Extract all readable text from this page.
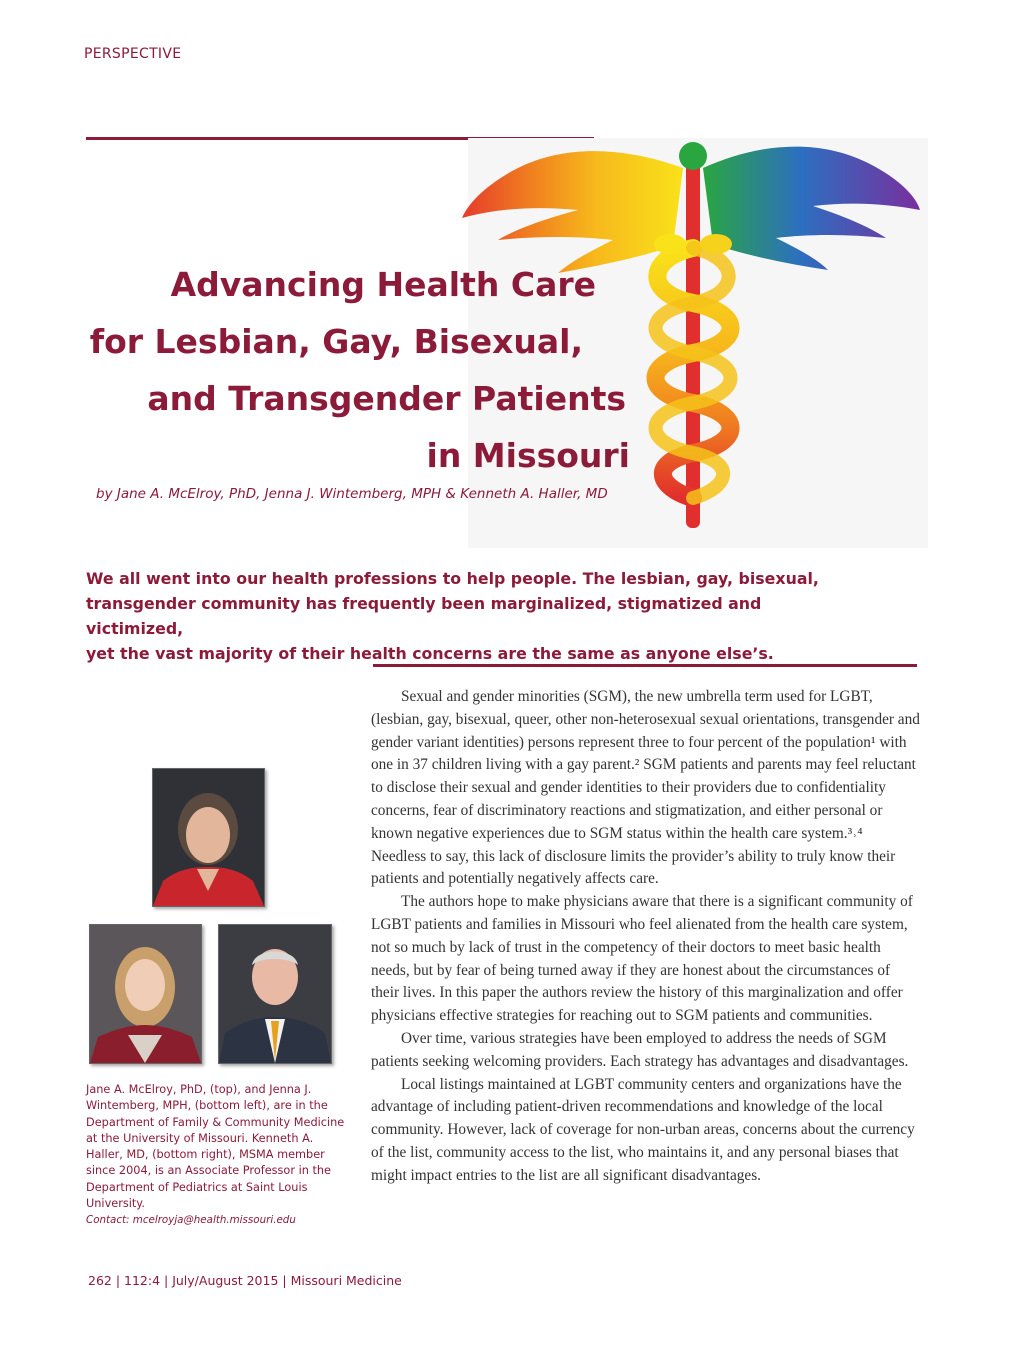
PERSPECTIVE
Advancing Health Care
for Lesbian, Gay, Bisexual,
and Transgender Patients
in Missouri
by Jane A. McElroy, PhD, Jenna J. Wintemberg, MPH & Kenneth A. Haller, MD
We all went into our health professions to help people. The lesbian, gay, bisexual,
transgender community has frequently been marginalized, stigmatized and victimized,
yet the vast majority of their health concerns are the same as anyone else’s.

Sexual and gender minorities (SGM), the new umbrella term used for LGBT, (lesbian, gay, bisexual, queer, other non-heterosexual sexual orientations, transgender and gender variant identities) persons represent three to four percent of the population¹ with one in 37 children living with a gay parent.² SGM patients and parents may feel reluctant to disclose their sexual and gender identities to their providers due to confidentiality concerns, fear of discriminatory reactions and stigmatization, and either personal or known negative experiences due to SGM status within the health care system.³˒⁴ Needless to say, this lack of disclosure limits the provider’s ability to truly know their patients and potentially negatively affects care.

The authors hope to make physicians aware that there is a significant community of LGBT patients and families in Missouri who feel alienated from the health care system, not so much by lack of trust in the competency of their doctors to meet basic health needs, but by fear of being turned away if they are honest about the circumstances of their lives. In this paper the authors review the history of this marginalization and offer physicians effective strategies for reaching out to SGM patients and communities.

Over time, various strategies have been employed to address the needs of SGM patients seeking welcoming providers. Each strategy has advantages and disadvantages.

Local listings maintained at LGBT community centers and organizations have the advantage of including patient-driven recommendations and knowledge of the local community. However, lack of coverage for non-urban areas, concerns about the currency of the list, community access to the list, who maintains it, and any personal biases that might impact entries to the list are all significant disadvantages.

Jane A. McElroy, PhD, (top), and Jenna J.
Wintemberg, MPH, (bottom left), are in the
Department of Family & Community Medicine
at the University of Missouri. Kenneth A.
Haller, MD, (bottom right), MSMA member
since 2004, is an Associate Professor in the
Department of Pediatrics at Saint Louis
University.
Contact: mcelroyja@health.missouri.edu
262 | 112:4 | July/August 2015 | Missouri Medicine
